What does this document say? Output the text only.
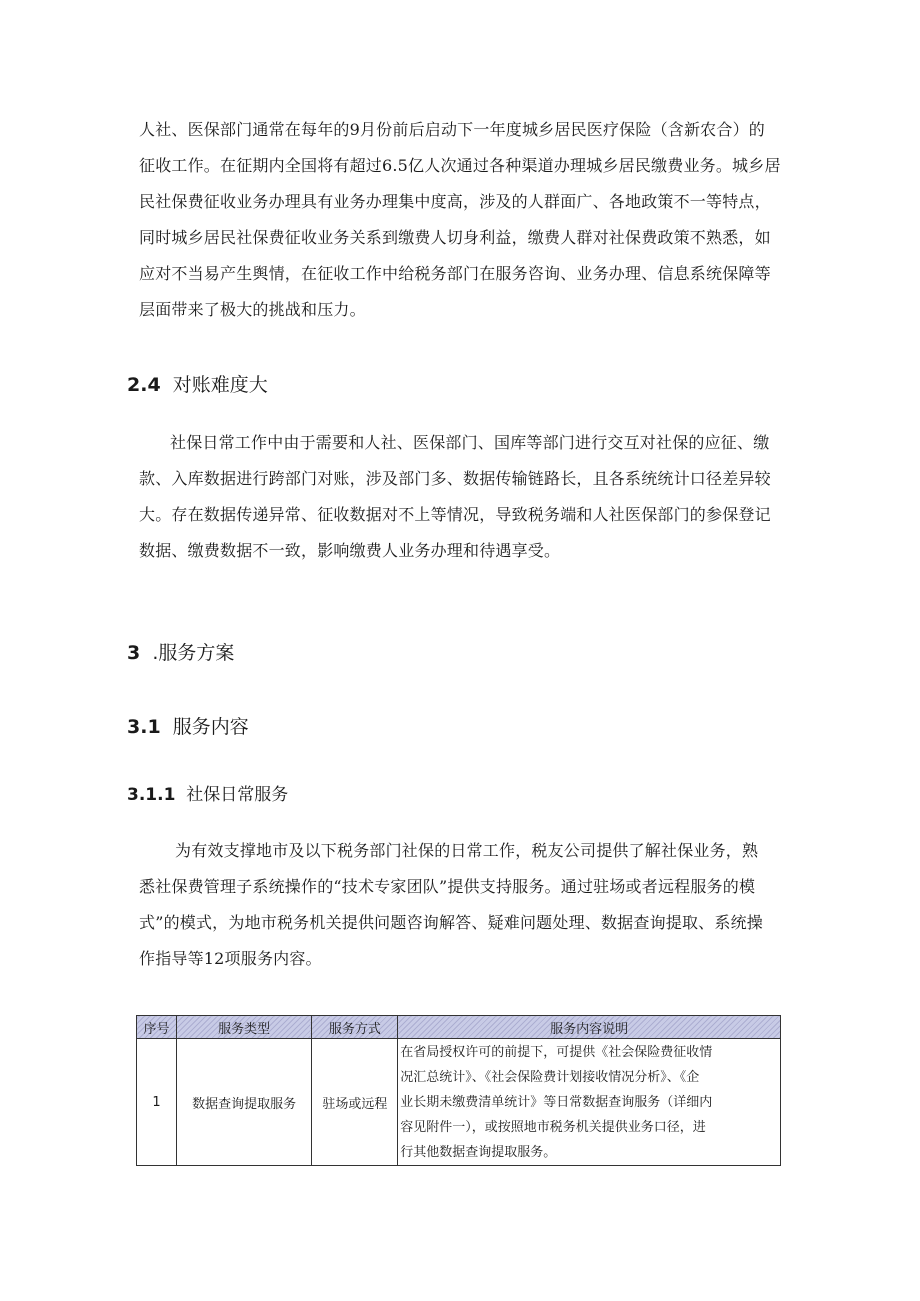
人社、医保部门通常在每年的9月份前后启动下一年度城乡居民医疗保险（含新农合）的
征收工作。在征期内全国将有超过6.5亿人次通过各种渠道办理城乡居民缴费业务。城乡居
民社保费征收业务办理具有业务办理集中度高，涉及的人群面广、各地政策不一等特点，
同时城乡居民社保费征收业务关系到缴费人切身利益，缴费人群对社保费政策不熟悉，如
应对不当易产生舆情，在征收工作中给税务部门在服务咨询、业务办理、信息系统保障等
层面带来了极大的挑战和压力。
2.4 对账难度大
社保日常工作中由于需要和人社、医保部门、国库等部门进行交互对社保的应征、缴
款、入库数据进行跨部门对账，涉及部门多、数据传输链路长，且各系统统计口径差异较
大。存在数据传递异常、征收数据对不上等情况，导致税务端和人社医保部门的参保登记
数据、缴费数据不一致，影响缴费人业务办理和待遇享受。
3 .服务方案
3.1 服务内容
3.1.1 社保日常服务
为有效支撑地市及以下税务部门社保的日常工作，税友公司提供了解社保业务，熟
悉社保费管理子系统操作的“技术专家团队”提供支持服务。通过驻场或者远程服务的模
式”的模式，为地市税务机关提供问题咨询解答、疑难问题处理、数据查询提取、系统操
作指导等12项服务内容。
序号	服务类型	服务方式	服务内容说明
1	数据查询提取服务	驻场或远程	在省局授权许可的前提下，可提供《社会保险费征收情
况汇总统计》、《社会保险费计划接收情况分析》、《企
业长期未缴费清单统计》等日常数据查询服务（详细内
容见附件一），或按照地市税务机关提供业务口径，进
行其他数据查询提取服务。
